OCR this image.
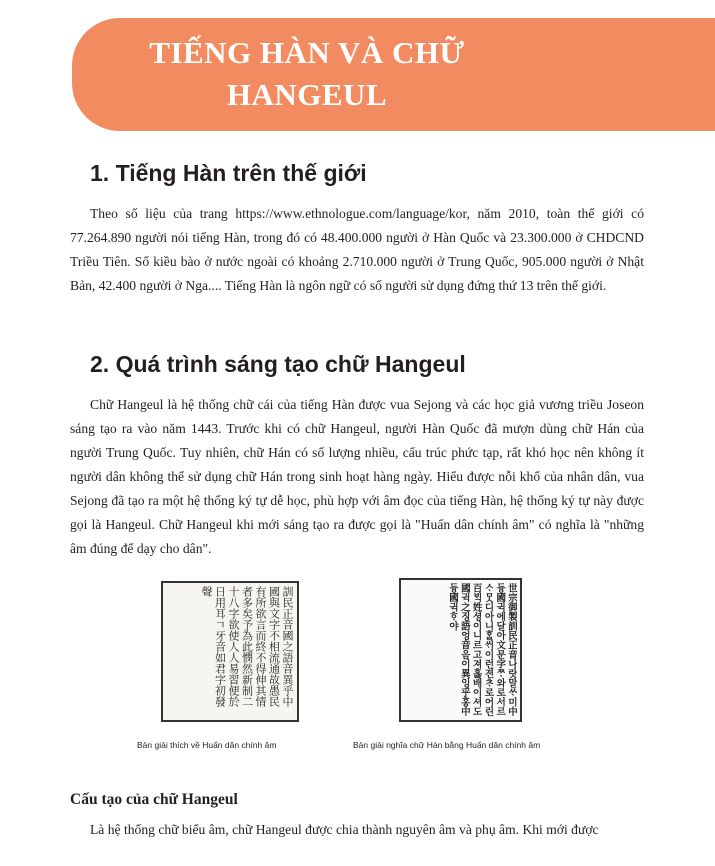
TIẾNG HÀN VÀ CHỮ HANGEUL
1. Tiếng Hàn trên thế giới

Theo số liệu của trang https://www.ethnologue.com/language/kor, năm 2010, toàn thế giới có 77.264.890 người nói tiếng Hàn, trong đó có 48.400.000 người ở Hàn Quốc và 23.300.000 ở CHDCND Triều Tiên. Số kiều bào ở nước ngoài có khoảng 2.710.000 người ở Trung Quốc, 905.000 người ở Nhật Bản, 42.400 người ở Nga.... Tiếng Hàn là ngôn ngữ có số người sử dụng đứng thứ 13 trên thế giới.

2. Quá trình sáng tạo chữ Hangeul

Chữ Hangeul là hệ thống chữ cái của tiếng Hàn được vua Sejong và các học giả vương triều Joseon sáng tạo ra vào năm 1443. Trước khi có chữ Hangeul, người Hàn Quốc đã mượn dùng chữ Hán của người Trung Quốc. Tuy nhiên, chữ Hán có số lượng nhiều, cấu trúc phức tạp, rất khó học nên không ít người dân không thể sử dụng chữ Hán trong sinh hoạt hàng ngày. Hiểu được nỗi khổ của nhân dân, vua Sejong đã tạo ra một hệ thống ký tự dễ học, phù hợp với âm đọc của tiếng Hàn, hệ thống ký tự này được gọi là Hangeul. Chữ Hangeul khi mới sáng tạo ra được gọi là "Huấn dân chính âm" có nghĩa là "những âm đúng để dạy cho dân".

訓民正音國之語音異乎中國與文字不相流通故愚民有所欲言而終不得伸其情者多矣予為此憫然新制二十八字欲使人人易習便於日用耳ㄱ牙音如君字初發聲

Bản giải thích về Huấn dân chính âm

世宗御製訓民正音나랏말ᄊᆞ미中듕國귁에달아文문字ᄍᆞ와로서르ᄉᆞᄆᆞᆺ디아니ᄒᆞᆯᄊᆡ이런젼ᄎᆞ로어린百ᄇᆡᆨ姓셩이니르고져홇배이셔도國귁之징語엉音음이異잉乎홍中듕國귁ᄒᆞ야

Bản giải nghĩa chữ Hán bằng Huấn dân chính âm

Cấu tạo của chữ Hangeul

Là hệ thống chữ biểu âm, chữ Hangeul được chia thành nguyên âm và phụ âm. Khi mới được
